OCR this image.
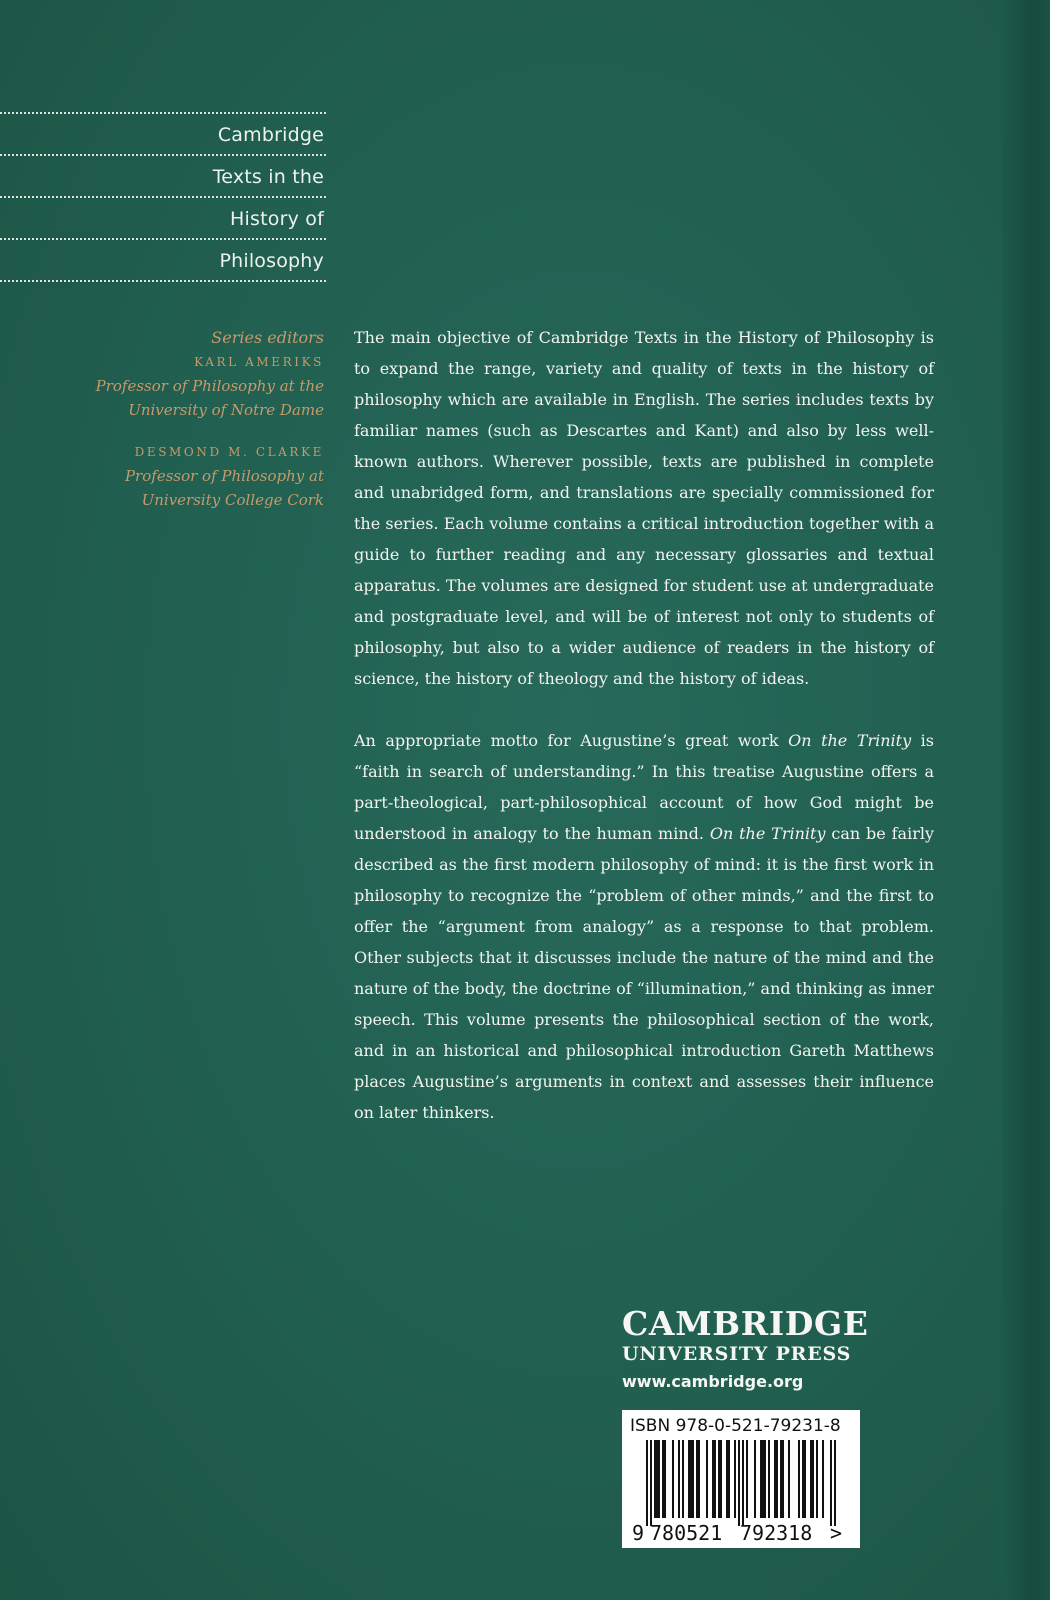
Cambridge
Texts in the
History of
Philosophy

Series editors

KARL AMERIKS

Professor of Philosophy at the

University of Notre Dame

DESMOND M. CLARKE

Professor of Philosophy at

University College Cork

The main objective of Cambridge Texts in the History of Philosophy is to expand the range, variety and quality of texts in the history of philosophy which are available in English. The series includes texts by familiar names (such as Descartes and Kant) and also by less well-known authors. Wherever possible, texts are published in complete and unabridged form, and translations are specially commissioned for the series. Each volume contains a critical introduction together with a guide to further reading and any necessary glossaries and textual apparatus. The volumes are designed for student use at undergraduate and postgraduate level, and will be of interest not only to students of philosophy, but also to a wider audience of readers in the history of science, the history of theology and the history of ideas.

An appropriate motto for Augustine’s great work On the Trinity is “faith in search of understanding.” In this treatise Augustine offers a part-theological, part-philosophical account of how God might be understood in analogy to the human mind. On the Trinity can be fairly described as the first modern philosophy of mind: it is the first work in philosophy to recognize the “problem of other minds,” and the first to offer the “argument from analogy” as a response to that problem. Other subjects that it discusses include the nature of the mind and the nature of the body, the doctrine of “illumination,” and thinking as inner speech. This volume presents the philosophical section of the work, and in an historical and philosophical introduction Gareth Matthews places Augustine’s arguments in context and assesses their influence on later thinkers.

CAMBRIDGE
UNIVERSITY PRESS
www.cambridge.org

ISBN 978-0-521-79231-8

9 780521 792318 >
